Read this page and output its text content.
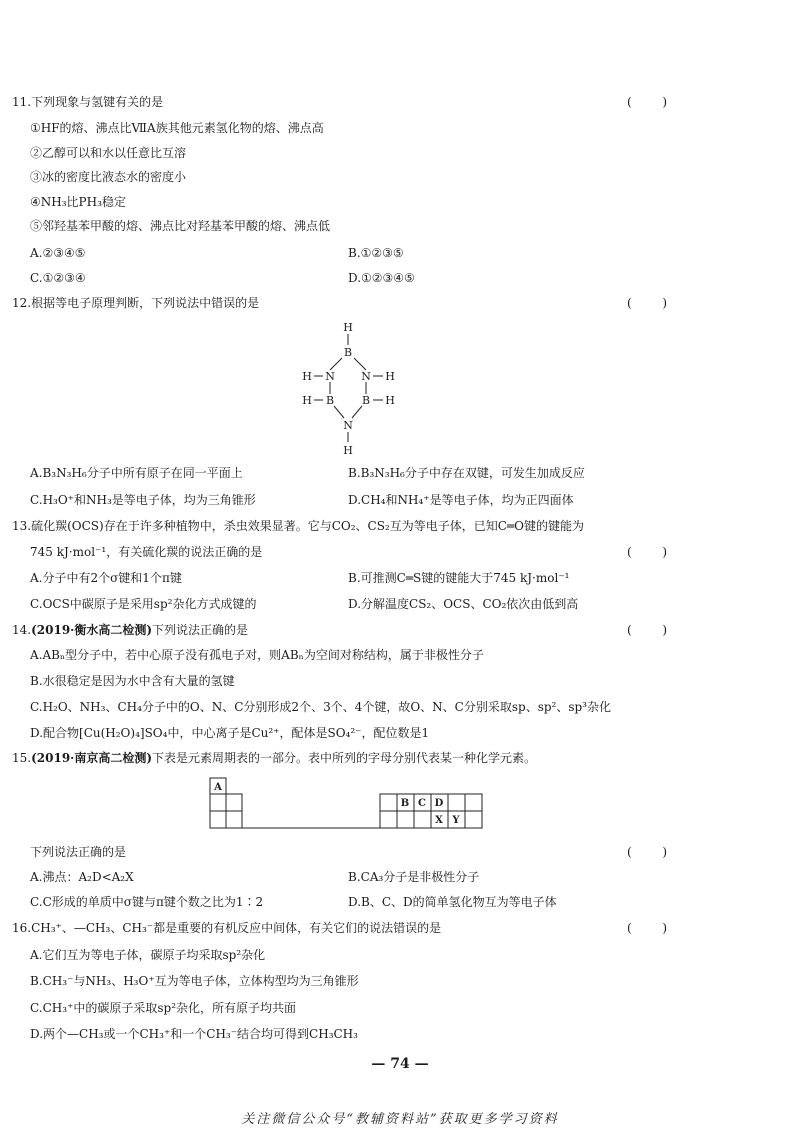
11.下列现象与氢键有关的是	(	)
①HF的熔、沸点比ⅦA族其他元素氢化物的熔、沸点高
②乙醇可以和水以任意比互溶
③冰的密度比液态水的密度小
④NH₃比PH₃稳定
⑤邻羟基苯甲酸的熔、沸点比对羟基苯甲酸的熔、沸点低
A.②③④⑤	B.①②③⑤
C.①②③④	D.①②③④⑤
12.根据等电子原理判断，下列说法中错误的是	(	)
H
B
N N
B	B
N
H
H	H
H	H
A.B₃N₃H₆分子中所有原子在同一平面上	B.B₃N₃H₆分子中存在双键，可发生加成反应
C.H₃O⁺和NH₃是等电子体，均为三角锥形	D.CH₄和NH₄⁺是等电子体，均为正四面体
13.硫化羰(OCS)存在于许多种植物中，杀虫效果显著。它与CO₂、CS₂互为等电子体，已知C═O键的键能为
745 kJ·mol⁻¹，有关硫化羰的说法正确的是	(	)
A.分子中有2个σ键和1个π键	B.可推测C═S键的键能大于745 kJ·mol⁻¹
C.OCS中碳原子是采用sp²杂化方式成键的	D.分解温度CS₂、OCS、CO₂依次由低到高
14.(2019·衡水高二检测)下列说法正确的是	(	)
A.ABₙ型分子中，若中心原子没有孤电子对，则ABₙ为空间对称结构，属于非极性分子
B.水很稳定是因为水中含有大量的氢键
C.H₂O、NH₃、CH₄分子中的O、N、C分别形成2个、3个、4个键，故O、N、C分别采取sp、sp²、sp³杂化
D.配合物[Cu(H₂O)₄]SO₄中，中心离子是Cu²⁺，配体是SO₄²⁻，配位数是1
15.(2019·南京高二检测)下表是元素周期表的一部分。表中所列的字母分别代表某一种化学元素。
A
B C D
X Y
下列说法正确的是	(	)
A.沸点：A₂D<A₂X	B.CA₃分子是非极性分子
C.C形成的单质中σ键与π键个数之比为1∶2	D.B、C、D的简单氢化物互为等电子体
16.CH₃⁺、—CH₃、CH₃⁻都是重要的有机反应中间体，有关它们的说法错误的是	(	)
A.它们互为等电子体，碳原子均采取sp²杂化
B.CH₃⁻与NH₃、H₃O⁺互为等电子体，立体构型均为三角锥形
C.CH₃⁺中的碳原子采取sp²杂化，所有原子均共面
D.两个—CH₃或一个CH₃⁺和一个CH₃⁻结合均可得到CH₃CH₃
— 74 —
关注微信公众号“教辅资料站”获取更多学习资料
